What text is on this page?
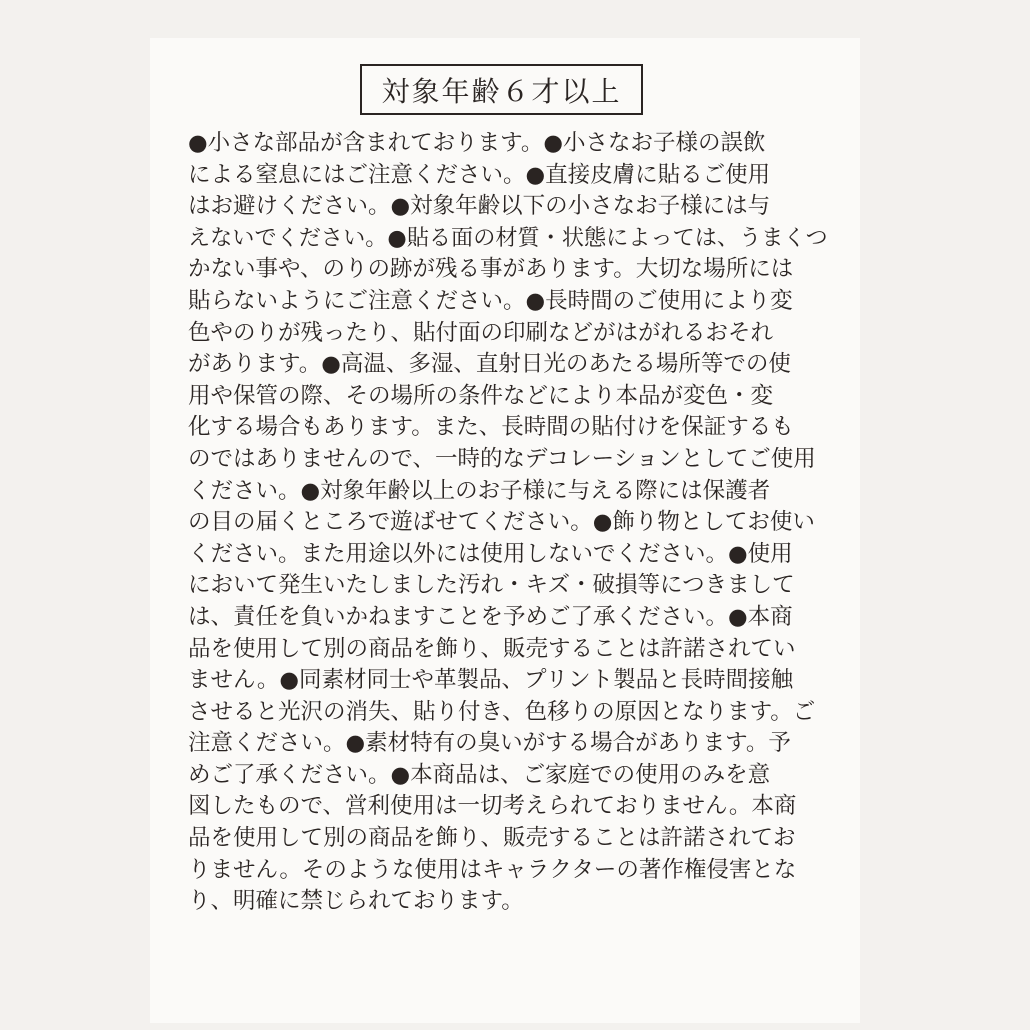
対象年齢６才以上
●小さな部品が含まれております。●小さなお子様の誤飲
による窒息にはご注意ください。●直接皮膚に貼るご使用
はお避けください。●対象年齢以下の小さなお子様には与
えないでください。●貼る面の材質・状態によっては、うまくつ
かない事や、のりの跡が残る事があります。大切な場所には
貼らないようにご注意ください。●長時間のご使用により変
色やのりが残ったり、貼付面の印刷などがはがれるおそれ
があります。●高温、多湿、直射日光のあたる場所等での使
用や保管の際、その場所の条件などにより本品が変色・変
化する場合もあります。また、長時間の貼付けを保証するも
のではありませんので、一時的なデコレーションとしてご使用
ください。●対象年齢以上のお子様に与える際には保護者
の目の届くところで遊ばせてください。●飾り物としてお使い
ください。また用途以外には使用しないでください。●使用
において発生いたしました汚れ・キズ・破損等につきまして
は、責任を負いかねますことを予めご了承ください。●本商
品を使用して別の商品を飾り、販売することは許諾されてい
ません。●同素材同士や革製品、プリント製品と長時間接触
させると光沢の消失、貼り付き、色移りの原因となります。ご
注意ください。●素材特有の臭いがする場合があります。予
めご了承ください。●本商品は、ご家庭での使用のみを意
図したもので、営利使用は一切考えられておりません。本商
品を使用して別の商品を飾り、販売することは許諾されてお
りません。そのような使用はキャラクターの著作権侵害とな
り、明確に禁じられております。
